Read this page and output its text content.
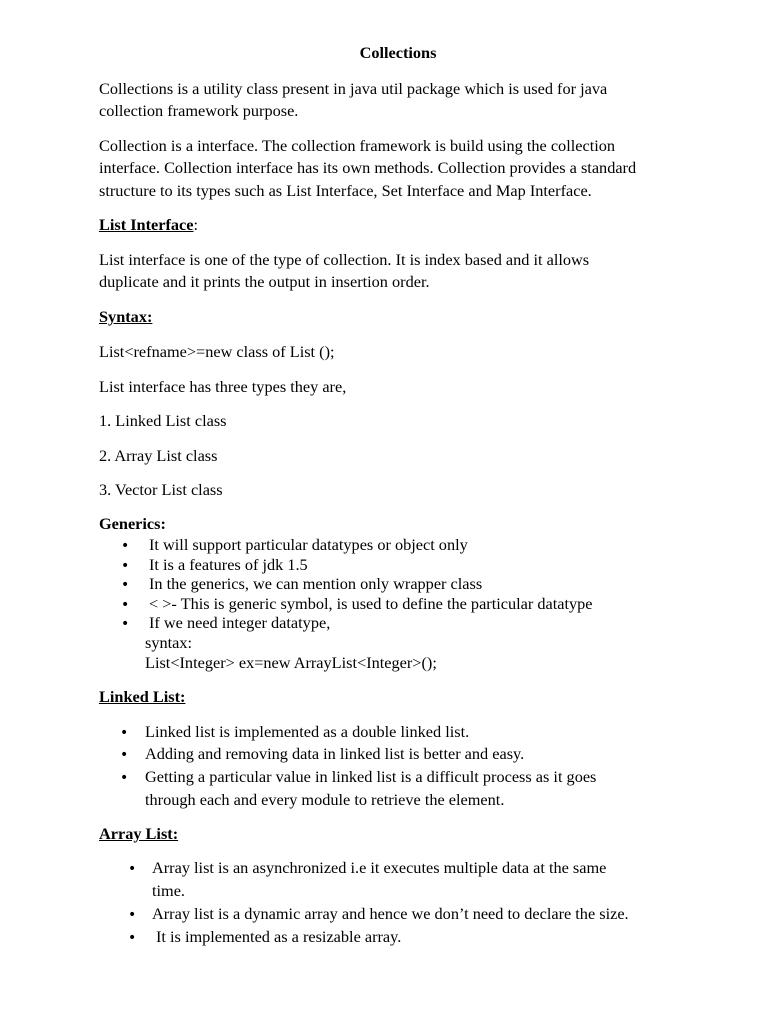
Collections
Collections is a utility class present in java util package which is used for java
collection framework purpose.
Collection is a interface. The collection framework is build using the collection
interface. Collection interface has its own methods. Collection provides a standard
structure to its types such as List Interface, Set Interface and Map Interface.
List Interface:
List interface is one of the type of collection. It is index based and it allows
duplicate and it prints the output in insertion order.
Syntax:
List<refname>=new class of List ();
List interface has three types they are,
1. Linked List class
2. Array List class
3. Vector List class
Generics:
•
It will support particular datatypes or object only
•
It is a features of jdk 1.5
•
In the generics, we can mention only wrapper class
•
< >- This is generic symbol, is used to define the particular datatype
•
If we need integer datatype,
syntax:
List<Integer> ex=new ArrayList<Integer>();
Linked List:
•
Linked list is implemented as a double linked list.
•
Adding and removing data in linked list is better and easy.
•
Getting a particular value in linked list is a difficult process as it goes
through each and every module to retrieve the element.
Array List:
•
Array list is an asynchronized i.e it executes multiple data at the same
time.
•
Array list is a dynamic array and hence we don’t need to declare the size.
•
It is implemented as a resizable array.
